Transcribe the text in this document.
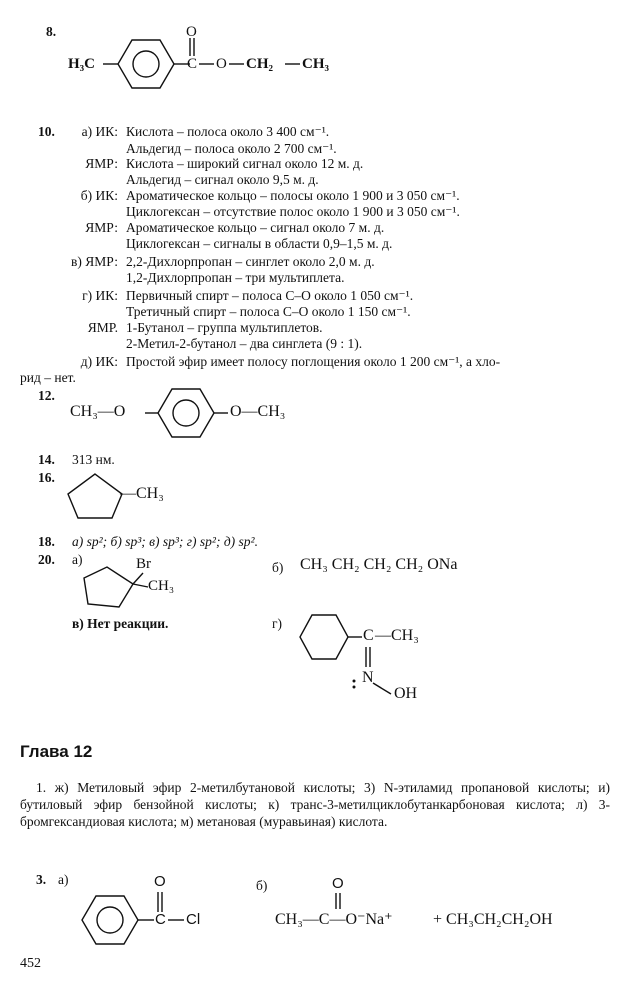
8.
H₃C
O
C O CH₂ CH₃
10.	а) ИК: Кислота – полоса около 3 400 см⁻¹.
Альдегид – полоса около 2 700 см⁻¹.
ЯМР: Кислота – широкий сигнал около 12 м. д.
Альдегид – сигнал около 9,5 м. д.
б) ИК: Ароматическое кольцо – полосы около 1 900 и 3 050 см⁻¹.
Циклогексан – отсутствие полос около 1 900 и 3 050 см⁻¹.
ЯМР: Ароматическое кольцо – сигнал около 7 м. д.
Циклогексан – сигналы в области 0,9–1,5 м. д.
в) ЯМР: 2,2-Дихлорпропан – синглет около 2,0 м. д.
1,2-Дихлорпропан – три мультиплета.
г) ИК: Первичный спирт – полоса C–O около 1 050 см⁻¹.
Третичный спирт – полоса C–O около 1 150 см⁻¹.
ЯМР. 1-Бутанол – группа мультиплетов.
2-Метил-2-бутанол – два синглета (9 : 1).
д) ИК: Простой эфир имеет полосу поглощения около 1 200 см⁻¹, а хло-
рид – нет.
12.
CH₃—O	O—CH₃
14. 313 нм.
16.
—CH₃
18. а) sp²; б) sp³; в) sp³; г) sp²; д) sp².
20. а)	Br
CH₃
б) CH₃ CH₂ CH₂ CH₂ ONa
в) Нет реакции.	г)
C —CH₃
N
OH
Глава 12
1. ж) Метиловый эфир 2-метилбутановой кислоты; 3) N-этиламид пропановой кислоты; и) бутиловый эфир бензойной кислоты; к) транс-3-метилциклобутанкарбоновая кислота; л) 3-бромгександиовая кислота; м) метановая (муравьиная) кислота.
3. а)	O
C Cl
б)	O
CH₃—C—O⁻Na⁺	+ CH₃CH₂CH₂OH
452
